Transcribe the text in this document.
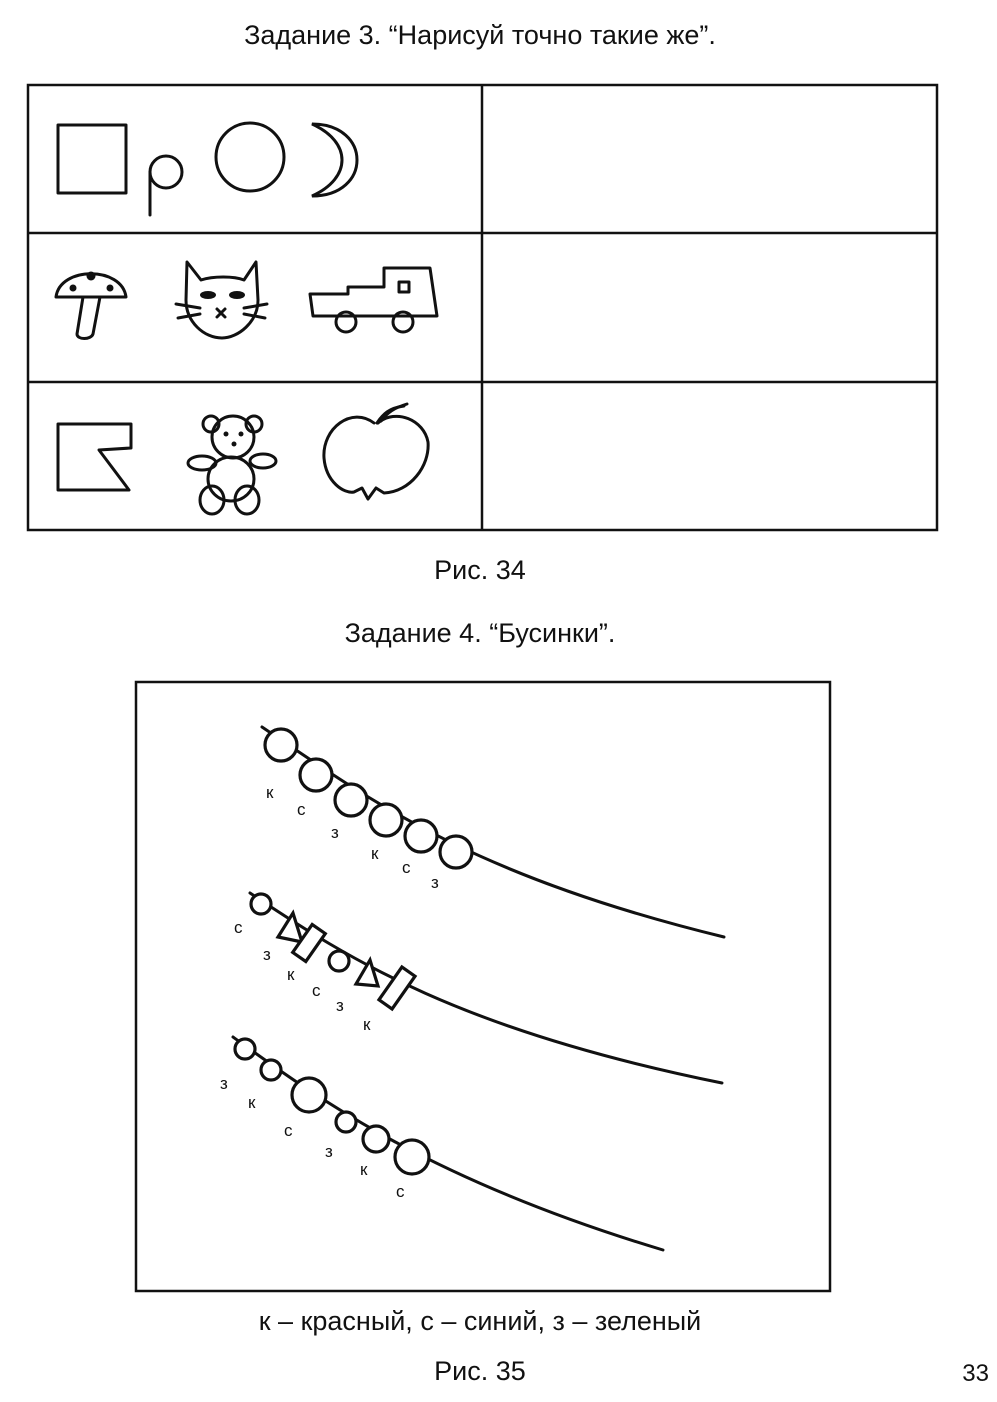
Задание 3. “Нарисуй точно такие же”.
к
с
з
к
с
з
с
з
к
с
з
к
з
к
с
з
к
с
Рис. 34
Задание 4. “Бусинки”.
к – красный, с – синий, з – зеленый
Рис. 35	33
